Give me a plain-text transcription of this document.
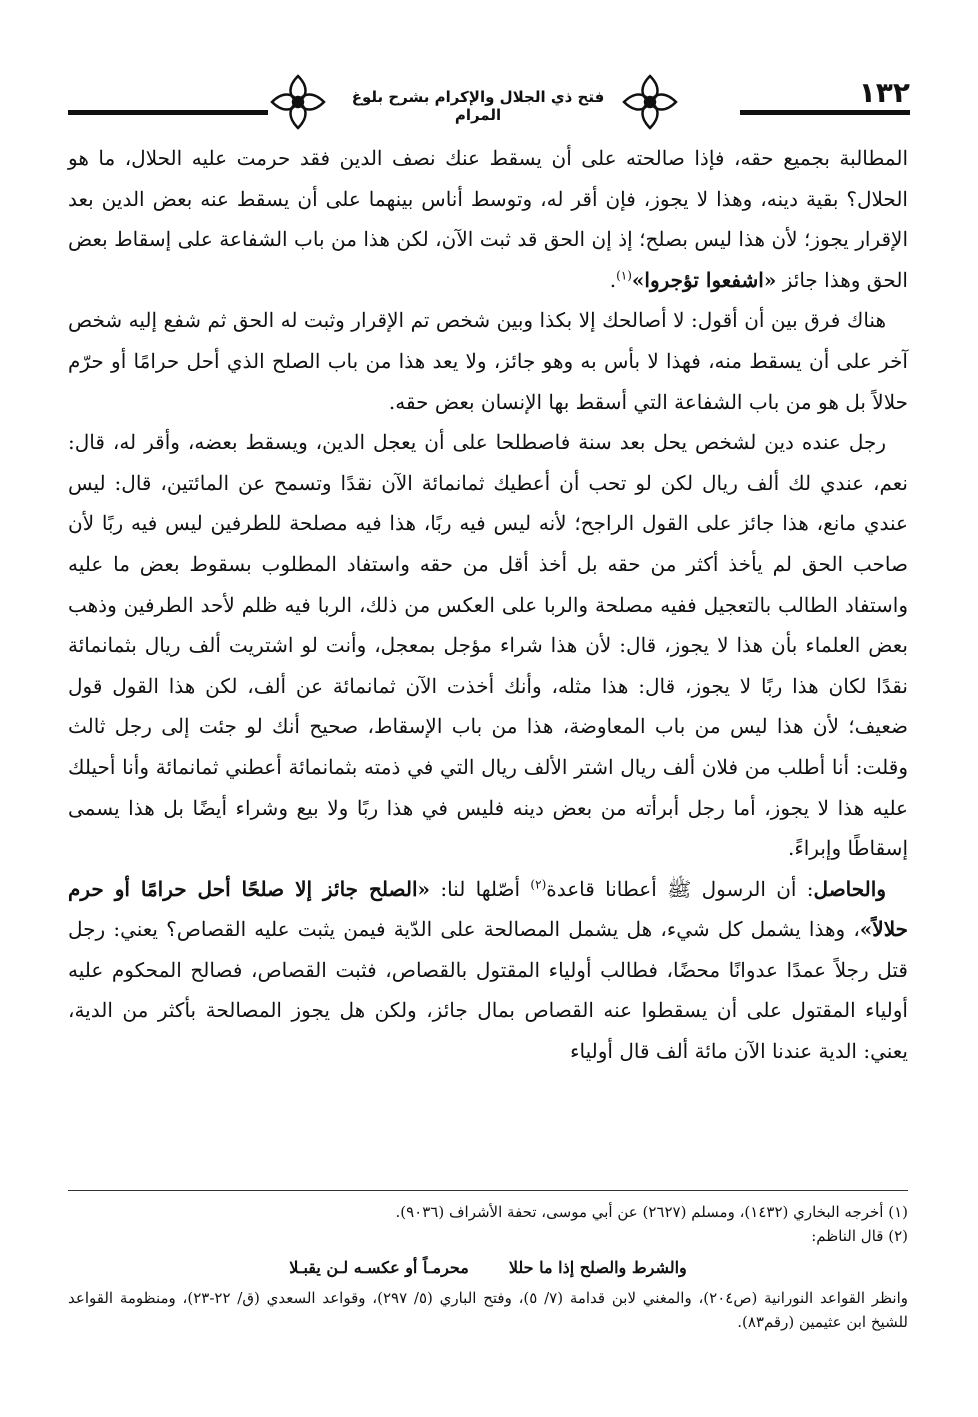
١٣٢
فتح ذي الجلال والإكرام بشرح بلوغ المرام

المطالبة بجميع حقه، فإذا صالحته على أن يسقط عنك نصف الدين فقد حرمت عليه الحلال، ما هو الحلال؟ بقية دينه، وهذا لا يجوز، فإن أقر له، وتوسط أناس بينهما على أن يسقط عنه بعض الدين بعد الإقرار يجوز؛ لأن هذا ليس بصلح؛ إذ إن الحق قد ثبت الآن، لكن هذا من باب الشفاعة على إسقاط بعض الحق وهذا جائز «اشفعوا تؤجروا»$^{(١)}$.

هناك فرق بين أن أقول: لا أصالحك إلا بكذا وبين شخص تم الإقرار وثبت له الحق ثم شفع إليه شخص آخر على أن يسقط منه، فهذا لا بأس به وهو جائز، ولا يعد هذا من باب الصلح الذي أحل حرامًا أو حرّم حلالاً بل هو من باب الشفاعة التي أسقط بها الإنسان بعض حقه.

رجل عنده دين لشخص يحل بعد سنة فاصطلحا على أن يعجل الدين، ويسقط بعضه، وأقر له، قال: نعم، عندي لك ألف ريال لكن لو تحب أن أعطيك ثمانمائة الآن نقدًا وتسمح عن المائتين، قال: ليس عندي مانع، هذا جائز على القول الراجح؛ لأنه ليس فيه ربًا، هذا فيه مصلحة للطرفين ليس فيه ربًا لأن صاحب الحق لم يأخذ أكثر من حقه بل أخذ أقل من حقه واستفاد المطلوب بسقوط بعض ما عليه واستفاد الطالب بالتعجيل ففيه مصلحة والربا على العكس من ذلك، الربا فيه ظلم لأحد الطرفين وذهب بعض العلماء بأن هذا لا يجوز، قال: لأن هذا شراء مؤجل بمعجل، وأنت لو اشتريت ألف ريال بثمانمائة نقدًا لكان هذا ربًا لا يجوز، قال: هذا مثله، وأنك أخذت الآن ثمانمائة عن ألف، لكن هذا القول قول ضعيف؛ لأن هذا ليس من باب المعاوضة، هذا من باب الإسقاط، صحيح أنك لو جئت إلى رجل ثالث وقلت: أنا أطلب من فلان ألف ريال اشتر الألف ريال التي في ذمته بثمانمائة أعطني ثمانمائة وأنا أحيلك عليه هذا لا يجوز، أما رجل أبرأته من بعض دينه فليس في هذا ربًا ولا بيع وشراء أيضًا بل هذا يسمى إسقاطًا وإبراءً.

والحاصل: أن الرسول ﷺ أعطانا قاعدة$^{(٢)}$ أصّلها لنا: «الصلح جائز إلا صلحًا أحل حرامًا أو حرم حلالاً»، وهذا يشمل كل شيء، هل يشمل المصالحة على الدّية فيمن يثبت عليه القصاص؟ يعني: رجل قتل رجلاً عمدًا عدوانًا محضًا، فطالب أولياء المقتول بالقصاص، فثبت القصاص، فصالح المحكوم عليه أولياء المقتول على أن يسقطوا عنه القصاص بمال جائز، ولكن هل يجوز المصالحة بأكثر من الدية، يعني: الدية عندنا الآن مائة ألف قال أولياء

(١) أخرجه البخاري (١٤٣٢)، ومسلم (٢٦٢٧) عن أبي موسى، تحفة الأشراف (٩٠٣٦).

(٢) قال الناظم:

والشرط والصلح إذا ما حللا
محرمـاً أو عكسـه لـن يقبـلا

وانظر القواعد النورانية (ص٢٠٤)، والمغني لابن قدامة (٧/ ٥)، وفتح الباري (٥/ ٢٩٧)، وقواعد السعدي (ق/ ٢٢-٢٣)، ومنظومة القواعد للشيخ ابن عثيمين (رقم٨٣).
